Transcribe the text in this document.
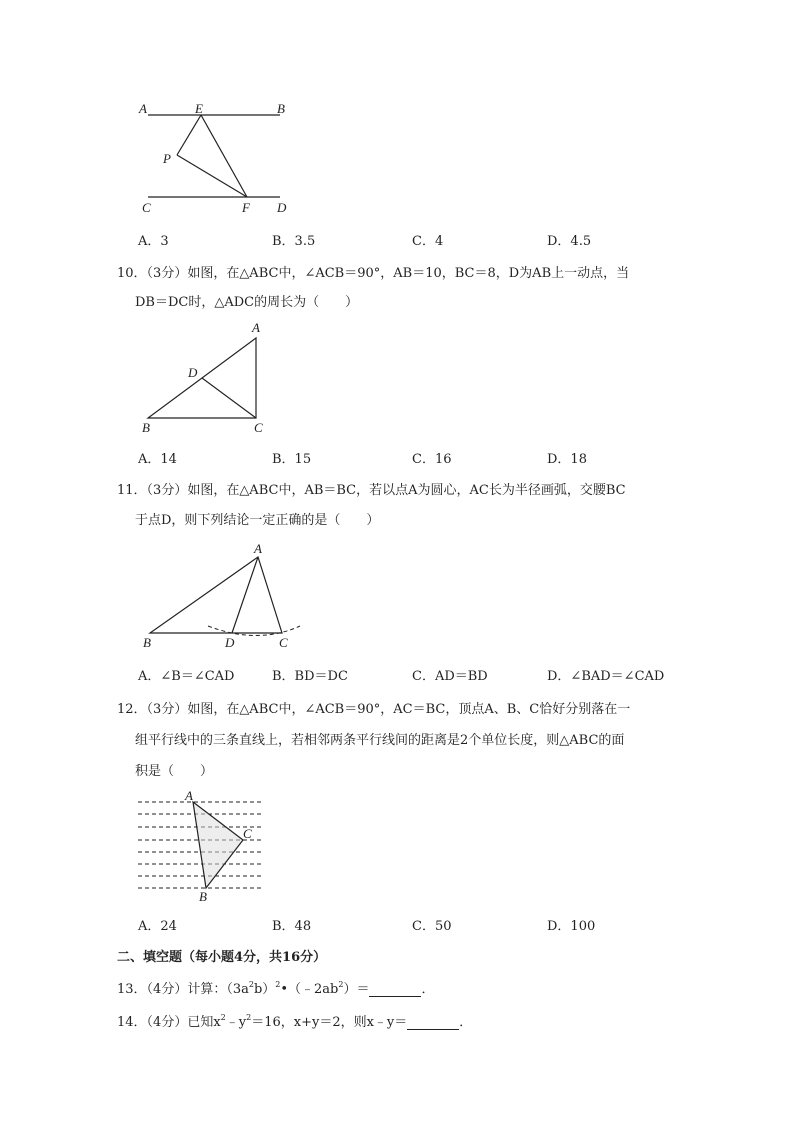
A	E	B
P
C	F D
A．3	B．3.5	C．4	D．4.5
10．（3分）如图，在△ABC中，∠ACB＝90°，AB＝10，BC＝8，D为AB上一动点，当
DB＝DC时，△ADC的周长为（　　）
A
D
B	C
A．14	B．15	C．16	D．18
11．（3分）如图，在△ABC中，AB＝BC，若以点A为圆心，AC长为半径画弧，交腰BC
于点D，则下列结论一定正确的是（　　）
A
B	D	C
A．∠B＝∠CAD	B．BD＝DC	C．AD＝BD	D．∠BAD＝∠CAD
12．（3分）如图，在△ABC中，∠ACB＝90°，AC＝BC，顶点A、B、C恰好分别落在一
组平行线中的三条直线上，若相邻两条平行线间的距离是2个单位长度，则△ABC的面
积是（　　）
A
C
B
A．24	B．48	C．50	D．100
二、填空题（每小题4分，共16分）
13．（4分）计算：$(3a^2b)^2•(﹣2ab^2)=$	．
14．（4分）已知$x^2﹣y^2=16$，x+y＝2，则x﹣y＝	．
